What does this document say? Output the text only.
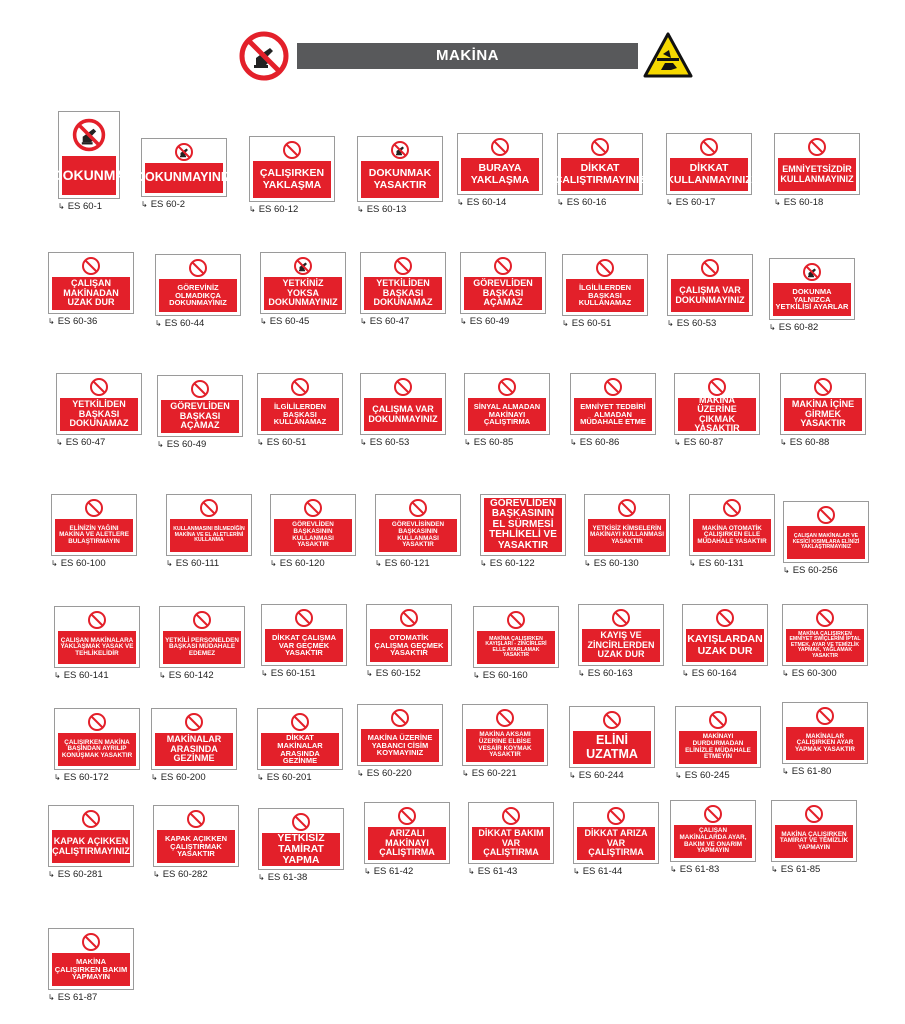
MAKİNA
DOKUNMA
↳ ES 60-1
DOKUNMAYINIZ
↳ ES 60-2
ÇALIŞIRKEN YAKLAŞMA
↳ ES 60-12
DOKUNMAK YASAKTIR
↳ ES 60-13
BURAYA YAKLAŞMA
↳ ES 60-14
DİKKAT ÇALIŞTIRMAYINIZ
↳ ES 60-16
DİKKAT KULLANMAYINIZ
↳ ES 60-17
EMNİYETSİZDİR KULLANMAYINIZ
↳ ES 60-18
ÇALIŞAN MAKİNADAN UZAK DUR
↳ ES 60-36
GÖREVİNİZ OLMADIKÇA DOKUNMAYINIZ
↳ ES 60-44
YETKİNİZ YOKSA DOKUNMAYINIZ
↳ ES 60-45
YETKİLİDEN BAŞKASI DOKUNAMAZ
↳ ES 60-47
GÖREVLİDEN BAŞKASI AÇAMAZ
↳ ES 60-49
İLGİLİLERDEN BAŞKASI KULLANAMAZ
↳ ES 60-51
ÇALIŞMA VAR DOKUNMAYINIZ
↳ ES 60-53
DOKUNMA YALNIZCA YETKİLİSİ AYARLAR
↳ ES 60-82
YETKİLİDEN BAŞKASI DOKUNAMAZ
↳ ES 60-47
GÖREVLİDEN BAŞKASI AÇAMAZ
↳ ES 60-49
İLGİLİLERDEN BAŞKASI KULLANAMAZ
↳ ES 60-51
ÇALIŞMA VAR DOKUNMAYINIZ
↳ ES 60-53
SİNYAL ALMADAN MAKİNAYI ÇALIŞTIRMA
↳ ES 60-85
EMNİYET TEDBİRİ ALMADAN MÜDAHALE ETME
↳ ES 60-86
MAKİNA ÜZERİNE ÇIKMAK YASAKTIR
↳ ES 60-87
MAKİNA İÇİNE GİRMEK YASAKTIR
↳ ES 60-88
ELİNİZİN YAĞINI MAKİNA VE ALETLERE BULAŞTIRMAYIN
↳ ES 60-100
KULLANMASINI BİLMEDİĞİN MAKİNA VE EL ALETLERİNİ KULLANMA
↳ ES 60-111
GÖREVLİDEN BAŞKASININ KULLANMASI YASAKTIR
↳ ES 60-120
GÖREVLİSİNDEN BAŞKASININ KULLANMASI YASAKTIR
↳ ES 60-121
GÖREVLİDEN BAŞKASININ EL SÜRMESİ TEHLİKELİ VE YASAKTIR
↳ ES 60-122
YETKİSİZ KİMSELERİN MAKİNAYI KULLANMASI YASAKTIR
↳ ES 60-130
MAKİNA OTOMATİK ÇALIŞIRKEN ELLE MÜDAHALE YASAKTIR
↳ ES 60-131
ÇALIŞAN MAKİNALAR VE KESİCİ KISIMLARA ELİNİZİ YAKLAŞTIRMAYINIZ
↳ ES 60-256
ÇALIŞAN MAKİNALARA YAKLAŞMAK YASAK VE TEHLİKELİDİR
↳ ES 60-141
YETKİLİ PERSONELDEN BAŞKASI MÜDAHALE EDEMEZ
↳ ES 60-142
DİKKAT ÇALIŞMA VAR GEÇMEK YASAKTIR
↳ ES 60-151
OTOMATİK ÇALIŞMA GEÇMEK YASAKTIR
↳ ES 60-152
MAKİNA ÇALIŞIRKEN KAYIŞLARI - ZİNCİRLERİ ELLE AYARLAMAK YASAKTIR
↳ ES 60-160
KAYIŞ VE ZİNCİRLERDEN UZAK DUR
↳ ES 60-163
KAYIŞLARDAN UZAK DUR
↳ ES 60-164
MAKİNA ÇALIŞIRKEN EMNİYET SWİÇLERİNİ İPTAL ETMEK, AYAR VE TEMİZLİK YAPMAK, YAĞLAMAK YASAKTIR
↳ ES 60-300
ÇALIŞIRKEN MAKİNA BAŞINDAN AYRILIP KONUŞMAK YASAKTIR
↳ ES 60-172
MAKİNALAR ARASINDA GEZİNME
↳ ES 60-200
DİKKAT MAKİNALAR ARASINDA GEZİNME
↳ ES 60-201
MAKİNA ÜZERİNE YABANCI CİSİM KOYMAYINIZ
↳ ES 60-220
MAKİNA AKSAMI ÜZERİNE ELBİSE VESAİR KOYMAK YASAKTIR
↳ ES 60-221
ELİNİ UZATMA
↳ ES 60-244
MAKİNAYI DURDURMADAN ELİNİZLE MÜDAHALE ETMEYİN
↳ ES 60-245
MAKİNALAR ÇALIŞIRKEN AYAR YAPMAK YASAKTIR
↳ ES 61-80
KAPAK AÇIKKEN ÇALIŞTIRMAYINIZ
↳ ES 60-281
KAPAK AÇIKKEN ÇALIŞTIRMAK YASAKTIR
↳ ES 60-282
YETKİSİZ TAMİRAT YAPMA
↳ ES 61-38
ARIZALI MAKİNAYI ÇALIŞTIRMA
↳ ES 61-42
DİKKAT BAKIM VAR ÇALIŞTIRMA
↳ ES 61-43
DİKKAT ARIZA VAR ÇALIŞTIRMA
↳ ES 61-44
ÇALIŞAN MAKİNALARDA AYAR, BAKIM VE ONARIM YAPMAYIN
↳ ES 61-83
MAKİNA ÇALIŞIRKEN TAMİRAT VE TEMİZLİK YAPMAYIN
↳ ES 61-85
MAKİNA ÇALIŞIRKEN BAKIM YAPMAYIN
↳ ES 61-87
